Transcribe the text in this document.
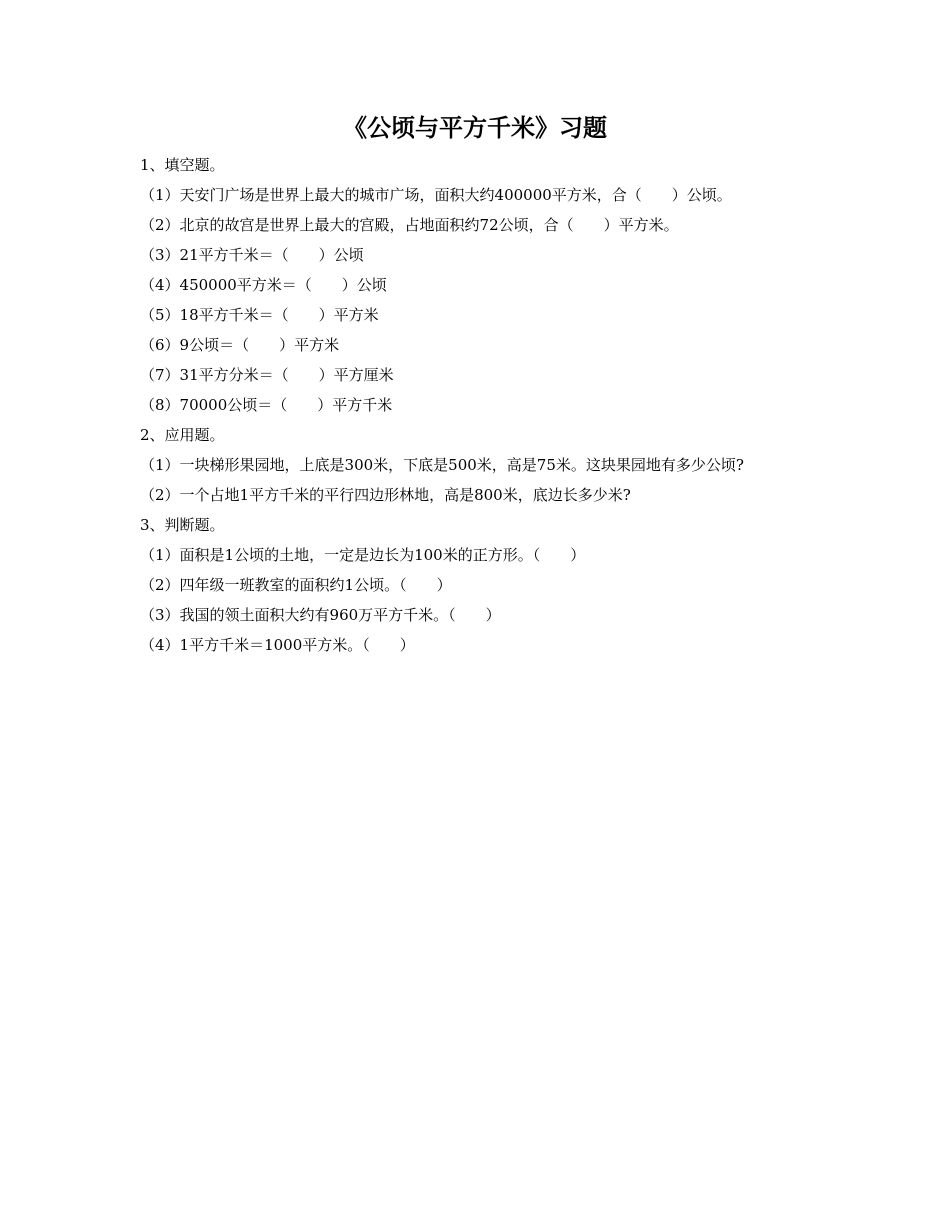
《公顷与平方千米》习题
1、填空题。
（1）天安门广场是世界上最大的城市广场，面积大约400000平方米，合（　　）公顷。
（2）北京的故宫是世界上最大的宫殿，占地面积约72公顷，合（　　）平方米。
（3）21平方千米＝（　　）公顷
（4）450000平方米＝（　　）公顷
（5）18平方千米＝（　　）平方米
（6）9公顷＝（　　）平方米
（7）31平方分米＝（　　）平方厘米
（8）70000公顷＝（　　）平方千米
2、应用题。
（1）一块梯形果园地，上底是300米，下底是500米，高是75米。这块果园地有多少公顷?
（2）一个占地1平方千米的平行四边形林地，高是800米，底边长多少米?
3、判断题。
（1）面积是1公顷的土地，一定是边长为100米的正方形。（　　）
（2）四年级一班教室的面积约1公顷。（　　）
（3）我国的领土面积大约有960万平方千米。（　　）
（4）1平方千米＝1000平方米。（　　）
